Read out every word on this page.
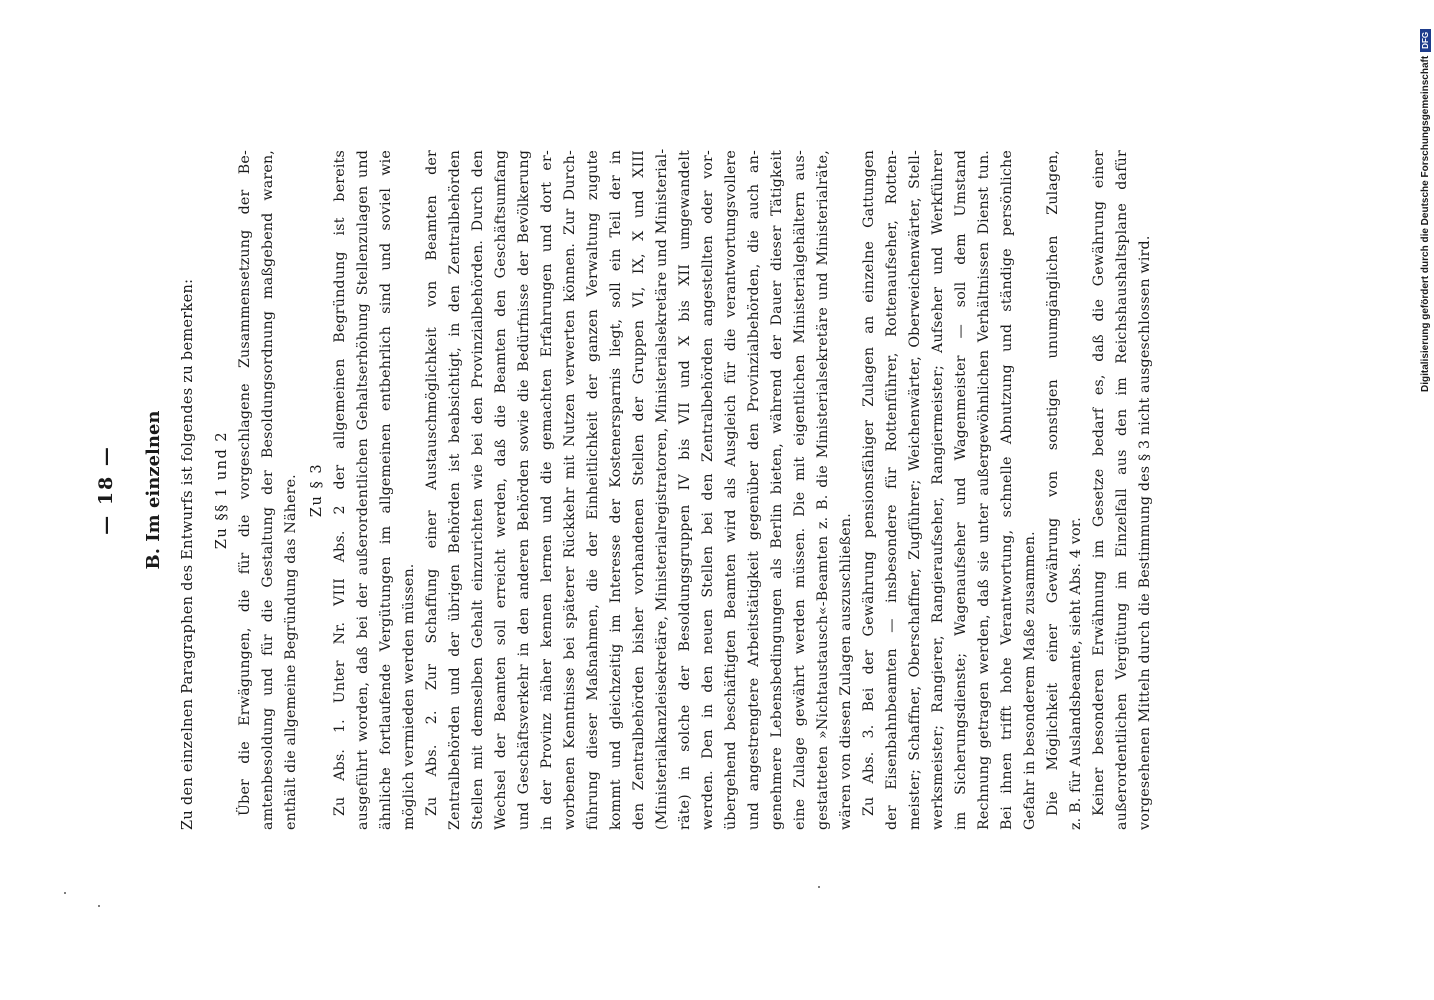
— 18 — B. Im einzelnen Zu den einzelnen Paragraphen des Entwurfs ist folgendes zu bemerken: Zu §§ 1 und 2 Über die Erwägungen, die für die vorgeschlagene Zusammensetzung der Be- amtenbesoldung und für die Gestaltung der Besoldungsordnung maßgebend waren, enthält die allgemeine Begründung das Nähere. Zu § 3 Zu Abs. 1. Unter Nr. VIII Abs. 2 der allgemeinen Begründung ist bereits ausgeführt worden, daß bei der außerordentlichen Gehaltserhöhung Stellenzulagen und ähnliche fortlaufende Vergütungen im allgemeinen entbehrlich sind und soviel wie möglich vermieden werden müssen. Zu Abs. 2. Zur Schaffung einer Austauschmöglichkeit von Beamten der Zentralbehörden und der übrigen Behörden ist beabsichtigt, in den Zentralbehörden Stellen mit demselben Gehalt einzurichten wie bei den Provinzialbehörden. Durch den Wechsel der Beamten soll erreicht werden, daß die Beamten den Geschäftsumfang und Geschäftsverkehr in den anderen Behörden sowie die Bedürfnisse der Bevölkerung in der Provinz näher kennen lernen und die gemachten Erfahrungen und dort er- worbenen Kenntnisse bei späterer Rückkehr mit Nutzen verwerten können. Zur Durch- führung dieser Maßnahmen, die der Einheitlichkeit der ganzen Verwaltung zugute kommt und gleichzeitig im Interesse der Kostenersparnis liegt, soll ein Teil der in den Zentralbehörden bisher vorhandenen Stellen der Gruppen VI, IX, X und XIII (Ministerialkanzleisekretäre, Ministerialregistratoren, Ministerialsekretäre und Ministerial- räte) in solche der Besoldungsgruppen IV bis VII und X bis XII umgewandelt werden. Den in den neuen Stellen bei den Zentralbehörden angestellten oder vor- übergehend beschäftigten Beamten wird als Ausgleich für die verantwortungsvollere und angestrengtere Arbeitstätigkeit gegenüber den Provinzialbehörden, die auch an- genehmere Lebensbedingungen als Berlin bieten, während der Dauer dieser Tätigkeit eine Zulage gewährt werden müssen. Die mit eigentlichen Ministerialgehältern aus- gestatteten »Nichtaustausch«-Beamten z. B. die Ministerialsekretäre und Ministerialräte, wären von diesen Zulagen auszuschließen. Zu Abs. 3. Bei der Gewährung pensionsfähiger Zulagen an einzelne Gattungen der Eisenbahnbeamten — insbesondere für Rottenführer, Rottenaufseher, Rotten- meister; Schaffner, Oberschaffner, Zugführer; Weichenwärter, Oberweichenwärter, Stell- werksmeister; Rangierer, Rangieraufseher, Rangiermeister; Aufseher und Werkführer im Sicherungsdienste; Wagenaufseher und Wagenmeister — soll dem Umstand Rechnung getragen werden, daß sie unter außergewöhnlichen Verhältnissen Dienst tun. Bei ihnen trifft hohe Verantwortung, schnelle Abnutzung und ständige persönliche Gefahr in besonderem Maße zusammen. Die Möglichkeit einer Gewährung von sonstigen unumgänglichen Zulagen, z. B. für Auslandsbeamte, sieht Abs. 4 vor. Keiner besonderen Erwähnung im Gesetze bedarf es, daß die Gewährung einer außerordentlichen Vergütung im Einzelfall aus den im Reichshaushaltsplane dafür vorgesehenen Mitteln durch die Bestimmung des § 3 nicht ausgeschlossen wird.
Digitalisierung gefördert durch die Deutsche Forschungsgemeinschaft
DFG
